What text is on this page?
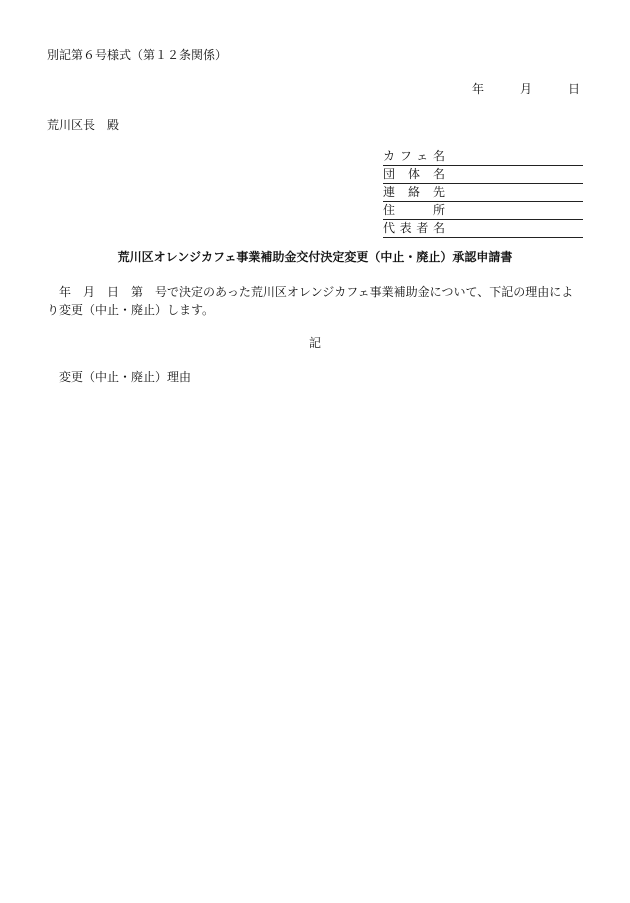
別記第６号様式（第１２条関係）
年	月	日
荒川区長　殿
カフェ名
団体名
連絡先
住所
代表者名
荒川区オレンジカフェ事業補助金交付決定変更（中止・廃止）承認申請書
　年　月　日　第　号で決定のあった荒川区オレンジカフェ事業補助金について、下記の理由により変更（中止・廃止）します。
記
変更（中止・廃止）理由
